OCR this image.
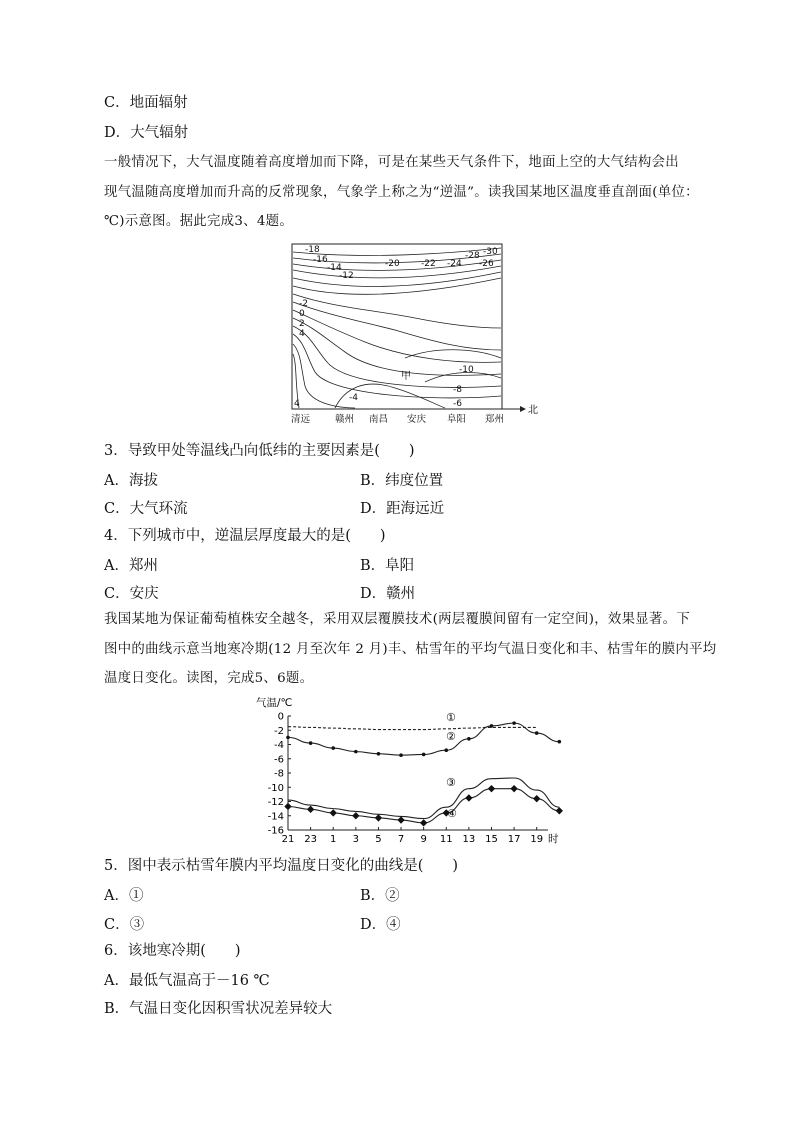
C．地面辐射
D．大气辐射
一般情况下，大气温度随着高度增加而下降，可是在某些天气条件下，地面上空的大气结构会出
现气温随高度增加而升高的反常现象，气象学上称之为“逆温”。读我国某地区温度垂直剖面(单位：
℃)示意图。据此完成3、4题。
-18
-16
-14
-12
-20 -22 -24 -26
-28 -30
-2
0
2
4
4
-4
-6
-8
-10
甲
北
清远	赣州 南昌 安庆 阜阳 郑州
3．导致甲处等温线凸向低纬的主要因素是(　　)
A．海拔	B．纬度位置
C．大气环流	D．距海远近
4．下列城市中，逆温层厚度最大的是(　　)
A．郑州	B．阜阳
C．安庆	D．赣州
我国某地为保证葡萄植株安全越冬，采用双层覆膜技术(两层覆膜间留有一定空间)，效果显著。下
图中的曲线示意当地寒冷期(12 月至次年 2 月)丰、枯雪年的平均气温日变化和丰、枯雪年的膜内平均
温度日变化。读图，完成5、6题。
气温/℃
0
-2
-4
-6
-8
-10
-12
-14
-16
21 23 1 3 5 7 9 11 13 15 17 19
①
②
③
④
时
5．图中表示枯雪年膜内平均温度日变化的曲线是(　　)
A．①	B．②
C．③	D．④
6．该地寒冷期(　　)
A．最低气温高于－16 ℃
B．气温日变化因积雪状况差异较大
